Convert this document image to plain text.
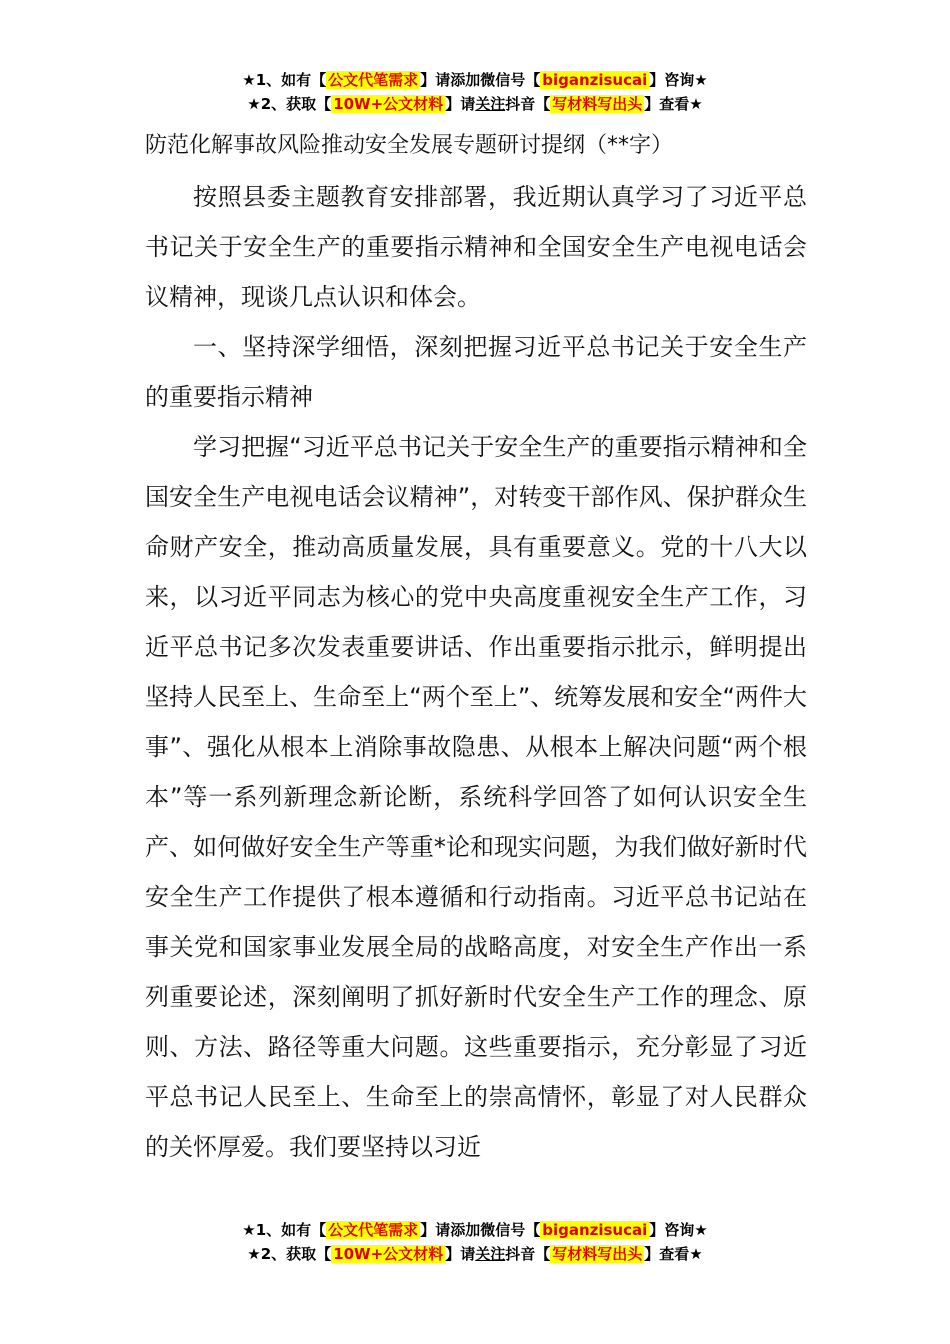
★1、如有【 公文代笔需求 】请添加微信号【 biganzisucai 】咨询★
★2、获取【 10W+公文材料 】请关注抖音【 写材料写出头 】查看★

防范化解事故风险推动安全发展专题研讨提纲（**字）

按照县委主题教育安排部署，我近期认真学习了习近平总书记关于安全生产的重要指示精神和全国安全生产电视电话会议精神，现谈几点认识和体会。

一、坚持深学细悟，深刻把握习近平总书记关于安全生产的重要指示精神

学习把握“习近平总书记关于安全生产的重要指示精神和全国安全生产电视电话会议精神”，对转变干部作风、保护群众生命财产安全，推动高质量发展，具有重要意义。党的十八大以来，以习近平同志为核心的党中央高度重视安全生产工作，习近平总书记多次发表重要讲话、作出重要指示批示，鲜明提出坚持人民至上、生命至上“两个至上”、统筹发展和安全“两件大事”、强化从根本上消除事故隐患、从根本上解决问题“两个根本”等一系列新理念新论断，系统科学回答了如何认识安全生产、如何做好安全生产等重*论和现实问题，为我们做好新时代安全生产工作提供了根本遵循和行动指南。习近平总书记站在事关党和国家事业发展全局的战略高度，对安全生产作出一系列重要论述，深刻阐明了抓好新时代安全生产工作的理念、原则、方法、路径等重大问题。这些重要指示，充分彰显了习近平总书记人民至上、生命至上的崇高情怀，彰显了对人民群众的关怀厚爱。我们要坚持以习近

★1、如有【 公文代笔需求 】请添加微信号【 biganzisucai 】咨询★
★2、获取【 10W+公文材料 】请关注抖音【 写材料写出头 】查看★
